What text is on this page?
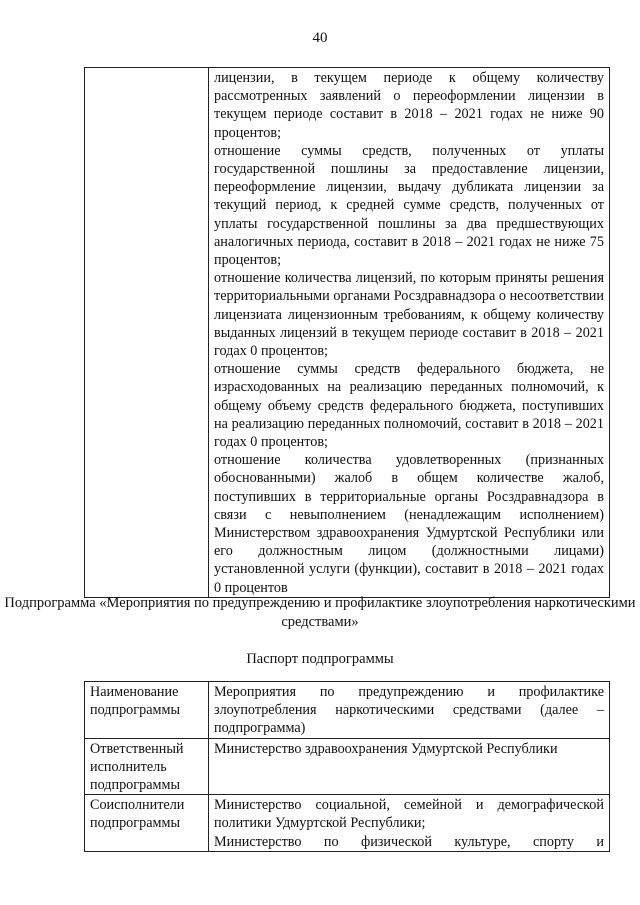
40

лицензии, в текущем периоде к общему количеству рассмотренных заявлений о переоформлении лицензии в текущем периоде составит в 2018 – 2021 годах не ниже 90 процентов;
отношение суммы средств, полученных от уплаты государственной пошлины за предоставление лицензии, переоформление лицензии, выдачу дубликата лицензии за текущий период, к средней сумме средств, полученных от уплаты государственной пошлины за два предшествующих аналогичных периода, составит в 2018 – 2021 годах не ниже 75 процентов;
отношение количества лицензий, по которым приняты решения территориальными органами Росздравнадзора о несоответствии лицензиата лицензионным требованиям, к общему количеству выданных лицензий в текущем периоде составит в 2018 – 2021 годах 0 процентов;
отношение суммы средств федерального бюджета, не израсходованных на реализацию переданных полномочий, к общему объему средств федерального бюджета, поступивших на реализацию переданных полномочий, составит в 2018 – 2021 годах 0 процентов;
отношение количества удовлетворенных (признанных обоснованными) жалоб в общем количестве жалоб, поступивших в территориальные органы Росздравнадзора в связи с невыполнением (ненадлежащим исполнением) Министерством здравоохранения Удмуртской Республики или его должностным лицом (должностными лицами) установленной услуги (функции), составит в 2018 – 2021 годах 0 процентов
Подпрограмма «Мероприятия по предупреждению и профилактике злоупотребления наркотическими средствами»
Паспорт подпрограммы
Наименование подпрограммы	Мероприятия по предупреждению и профилактике злоупотребления наркотическими средствами (далее – подпрограмма)
Ответственный исполнитель подпрограммы	Министерство здравоохранения Удмуртской Республики
Соисполнители подпрограммы	Министерство социальной, семейной и демографической политики Удмуртской Республики;
Министерство по физической культуре, спорту и
